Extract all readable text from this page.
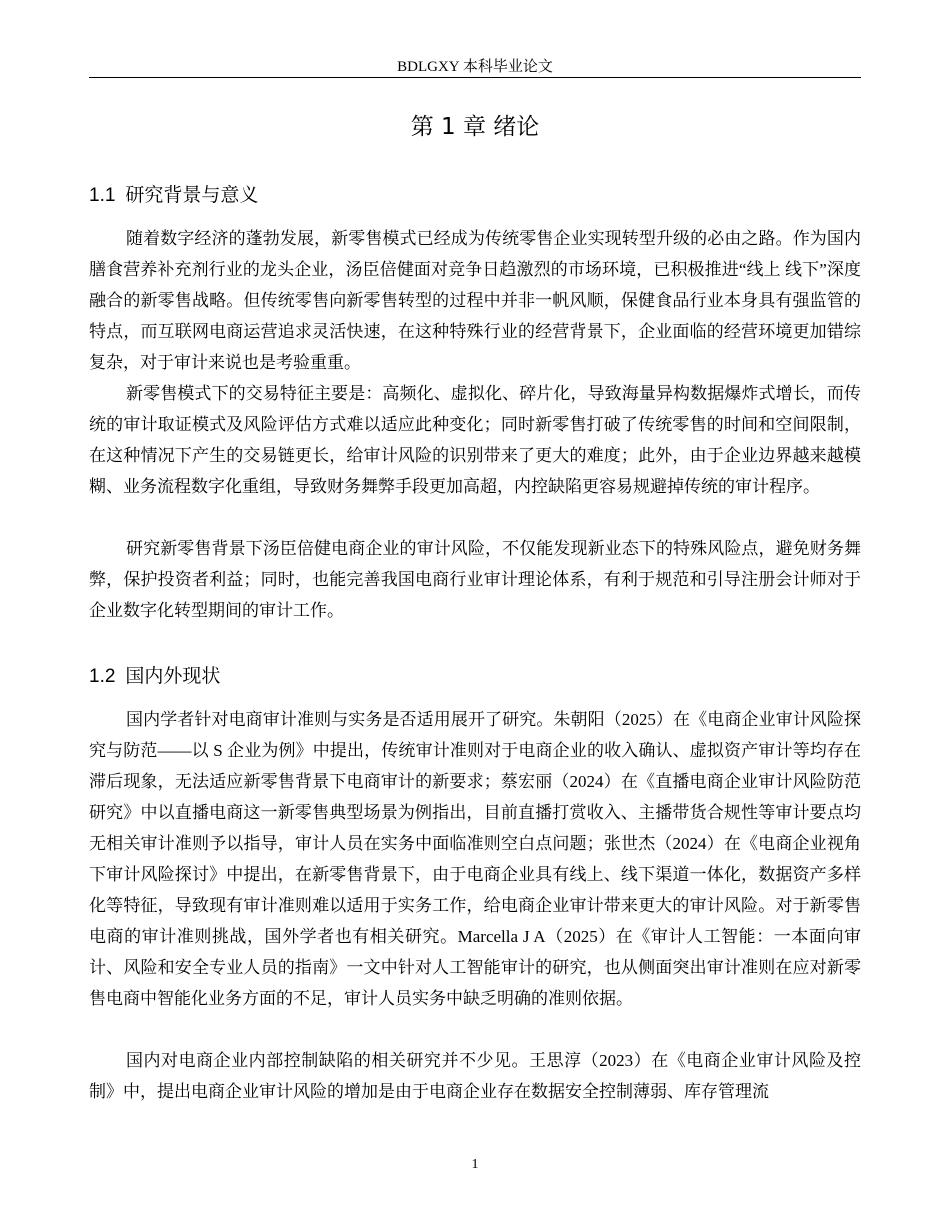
BDLGXY 本科毕业论文
第 1 章 绪论
1.1 研究背景与意义

随着数字经济的蓬勃发展，新零售模式已经成为传统零售企业实现转型升级的必由之路。作为国内膳食营养补充剂行业的龙头企业，汤臣倍健面对竞争日趋激烈的市场环境，已积极推进“线上 线下”深度融合的新零售战略。但传统零售向新零售转型的过程中并非一帆风顺，保健食品行业本身具有强监管的特点，而互联网电商运营追求灵活快速，在这种特殊行业的经营背景下，企业面临的经营环境更加错综复杂，对于审计来说也是考验重重。

新零售模式下的交易特征主要是：高频化、虚拟化、碎片化，导致海量异构数据爆炸式增长，而传统的审计取证模式及风险评估方式难以适应此种变化；同时新零售打破了传统零售的时间和空间限制，在这种情况下产生的交易链更长，给审计风险的识别带来了更大的难度；此外，由于企业边界越来越模糊、业务流程数字化重组，导致财务舞弊手段更加高超，内控缺陷更容易规避掉传统的审计程序。

研究新零售背景下汤臣倍健电商企业的审计风险，不仅能发现新业态下的特殊风险点，避免财务舞弊，保护投资者利益；同时，也能完善我国电商行业审计理论体系，有利于规范和引导注册会计师对于企业数字化转型期间的审计工作。

1.2 国内外现状

国内学者针对电商审计准则与实务是否适用展开了研究。朱朝阳（2025）在《电商企业审计风险探究与防范——以 S 企业为例》中提出，传统审计准则对于电商企业的收入确认、虚拟资产审计等均存在滞后现象，无法适应新零售背景下电商审计的新要求；蔡宏丽（2024）在《直播电商企业审计风险防范研究》中以直播电商这一新零售典型场景为例指出，目前直播打赏收入、主播带货合规性等审计要点均无相关审计准则予以指导，审计人员在实务中面临准则空白点问题；张世杰（2024）在《电商企业视角下审计风险探讨》中提出，在新零售背景下，由于电商企业具有线上、线下渠道一体化，数据资产多样化等特征，导致现有审计准则难以适用于实务工作，给电商企业审计带来更大的审计风险。对于新零售电商的审计准则挑战，国外学者也有相关研究。Marcella J A（2025）在《审计人工智能：一本面向审计、风险和安全专业人员的指南》一文中针对人工智能审计的研究，也从侧面突出审计准则在应对新零售电商中智能化业务方面的不足，审计人员实务中缺乏明确的准则依据。

国内对电商企业内部控制缺陷的相关研究并不少见。王思淳（2023）在《电商企业审计风险及控制》中，提出电商企业审计风险的增加是由于电商企业存在数据安全控制薄弱、库存管理流

1
